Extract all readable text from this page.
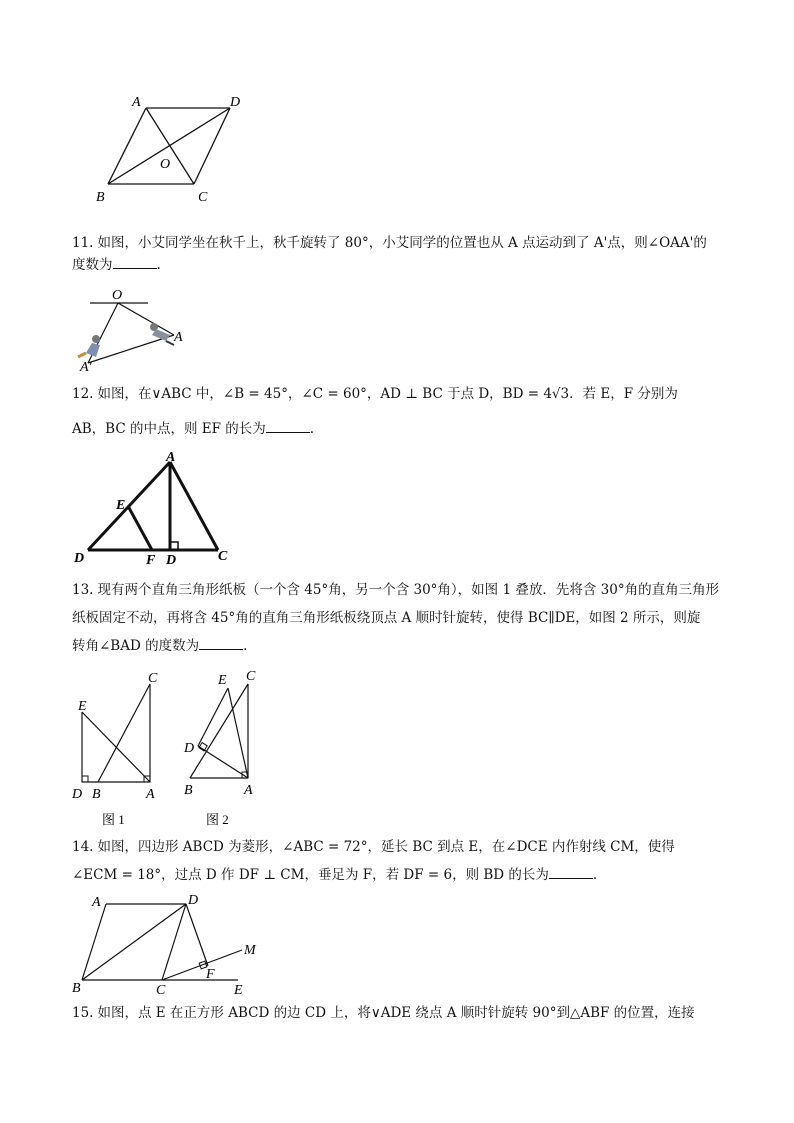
A	D
O
B	C

11. 如图，小艾同学坐在秋千上，秋千旋转了 80°，小艾同学的位置也从 A 点运动到了 A'点，则∠OAA'的
度数为	.

O
A
A'

12. 如图，在∨ABC 中，∠B = 45°，∠C = 60°，AD ⊥ BC 于点 D，BD = 4√3．若 E，F 分别为
AB，BC 的中点，则 EF 的长为	.

A
E
D	F D	C

13. 现有两个直角三角形纸板（一个含 45°角，另一个含 30°角），如图 1 叠放．先将含 30°角的直角三角形
纸板固定不动，再将含 45°角的直角三角形纸板绕顶点 A 顺时针旋转，使得 BC∥DE，如图 2 所示，则旋
转角∠BAD 的度数为	.

C
E
D B	A
图 1
E C
D
B	A
图 2

14. 如图，四边形 ABCD 为菱形，∠ABC = 72°，延长 BC 到点 E，在∠DCE 内作射线 CM，使得
∠ECM = 18°，过点 D 作 DF ⊥ CM，垂足为 F，若 DF = 6，则 BD 的长为	.

A	D
M
F
B	C	E

15. 如图，点 E 在正方形 ABCD 的边 CD 上，将∨ADE 绕点 A 顺时针旋转 90°到△ABF 的位置，连接
